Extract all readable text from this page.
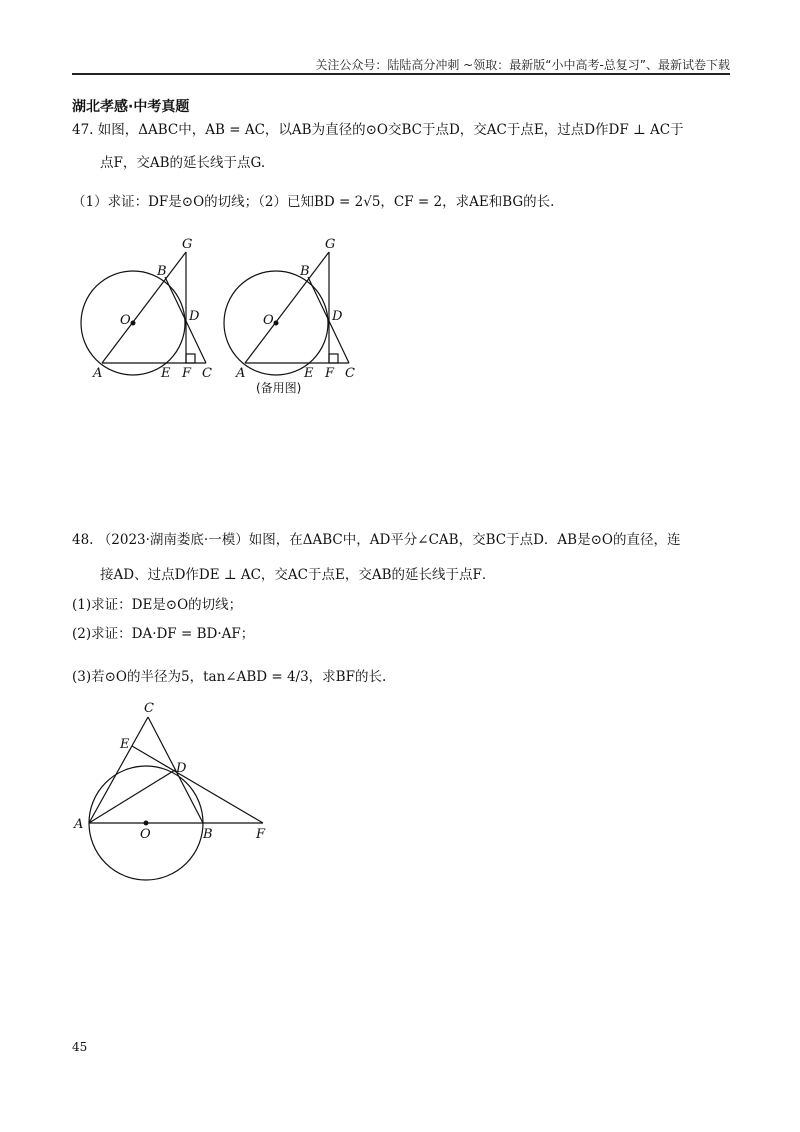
关注公众号：陆陆高分冲刺 ~领取：最新版“小中高考-总复习”、最新试卷下载
湖北孝感·中考真题
47. 如图，ΔABC中，AB = AC，以AB为直径的⊙O交BC于点D，交AC于点E，过点D作DF ⊥ AC于
点F，交AB的延长线于点G.
（1）求证：DF是⊙O的切线；（2）已知BD = 2√5，CF = 2，求AE和BG的长.
G
B
O	D
A	E F C
G
B
O	D
A	E F C
(备用图)
48. （2023·湖南娄底·一模）如图，在ΔABC中，AD平分∠CAB，交BC于点D．AB是⊙O的直径，连
接AD、过点D作DE ⊥ AC，交AC于点E，交AB的延长线于点F．
(1)求证：DE是⊙O的切线；
(2)求证：DA·DF = BD·AF；
(3)若⊙O的半径为5，tan∠ABD = 4/3，求BF的长.
C
E
D
A
O	B	F
45
